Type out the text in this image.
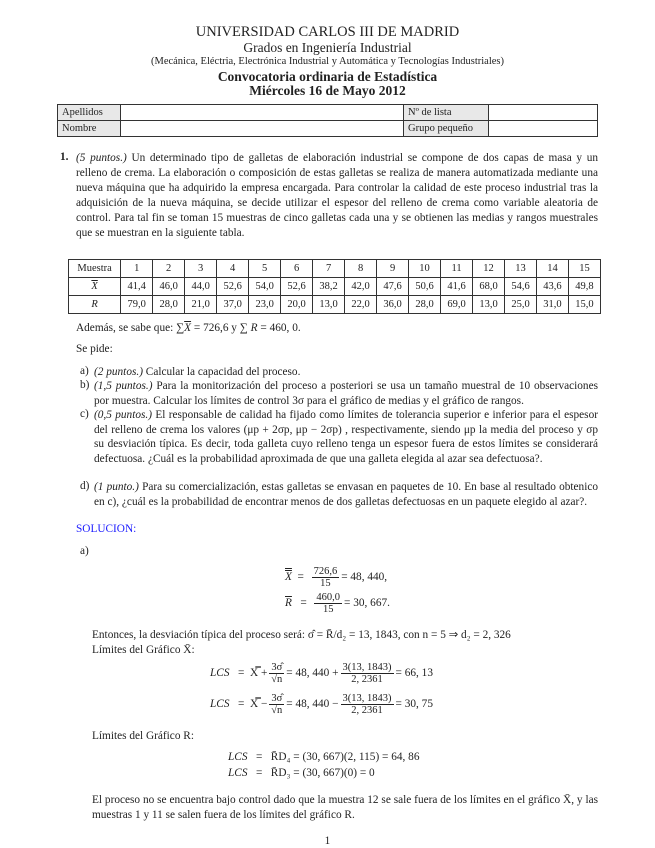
UNIVERSIDAD CARLOS III DE MADRID
Grados en Ingeniería Industrial
(Mecánica, Eléctria, Electrónica Industrial y Automática y Tecnologías Industriales)
Convocatoria ordinaria de Estadística
Miércoles 16 de Mayo 2012
Apellidos		Nº de lista	
Nombre		Grupo pequeño	
1. (5 puntos.) Un determinado tipo de galletas de elaboración industrial se compone de dos capas de masa y un relleno de crema. La elaboración o composición de estas galletas se realiza de manera automatizada mediante una nueva máquina que ha adquirido la empresa encargada. Para controlar la calidad de este proceso industrial tras la adquisición de la nueva máquina, se decide utilizar el espesor del relleno de crema como variable aleatoria de control. Para tal fin se toman 15 muestras de cinco galletas cada una y se obtienen las medias y rangos muestrales que se muestran en la siguiente tabla.
Muestra	1	2	3	4	5	6	7	8	9	10	11	12	13	14	15
$\overline{X}$	41,4	46,0	44,0	52,6	54,0	52,6	38,2	42,0	47,6	50,6	41,6	68,0	54,6	43,6	49,8
R	79,0	28,0	21,0	37,0	23,0	20,0	13,0	22,0	36,0	28,0	69,0	13,0	25,0	31,0	15,0
Además, se sabe que: $\sum\overline{X} = 726,6$ y ∑ R = 460, 0.
Se pide:
a) (2 puntos.) Calcular la capacidad del proceso.
b) (1,5 puntos.) Para la monitorización del proceso a posteriori se usa un tamaño muestral de 10 observaciones por muestra. Calcular los límites de control 3σ para el gráfico de medias y el gráfico de rangos.
c) (0,5 puntos.) El responsable de calidad ha fijado como límites de tolerancia superior e inferior para el espesor del relleno de crema los valores (μp + 2σp, μp − 2σp) , respectivamente, siendo μp la media del proceso y σp su desviación típica. Es decir, toda galleta cuyo relleno tenga un espesor fuera de estos límites se considerará defectuosa. ¿Cuál es la probabilidad aproximada de que una galleta elegida al azar sea defectuosa?.
d) (1 punto.) Para su comercialización, estas galletas se envasan en paquetes de 10. En base al resultado obtenico en c), ¿cuál es la probabilidad de encontrar menos de dos galletas defectuosas en un paquete elegido al azar?.
SOLUCION:
a)
$X = \frac{726,6}{15} = 48$, 440,
$\overline{R} = \frac{460,0}{15} = 30$, 667.
Entonces, la desviación típica del proceso será: σ̂ = R̄/d₂ = 13, 1843, con n = 5 ⇒ d₂ = 2, 326
Límites del Gráfico X̄:
LCS   =  X̿ + $\frac{3\sigmâ}{√n} = 48$, $440 + \frac{3(13, 1843)}{2, 2361} = 66$, 13
LCS   =  X̿ − $\frac{3\sigmâ}{√n} = 48$, $440 - \frac{3(13, 1843)}{2, 2361} = 30$, 75
Límites del Gráfico R:
LCS   =   R̄D₄ = (30, 667)(2, 115) = 64, 86
LCS   =   R̄D₃ = (30, 667)(0) = 0
El proceso no se encuentra bajo control dado que la muestra 12 se sale fuera de los límites en el gráfico X̄, y las muestras 1 y 11 se salen fuera de los límites del gráfico R.
1
